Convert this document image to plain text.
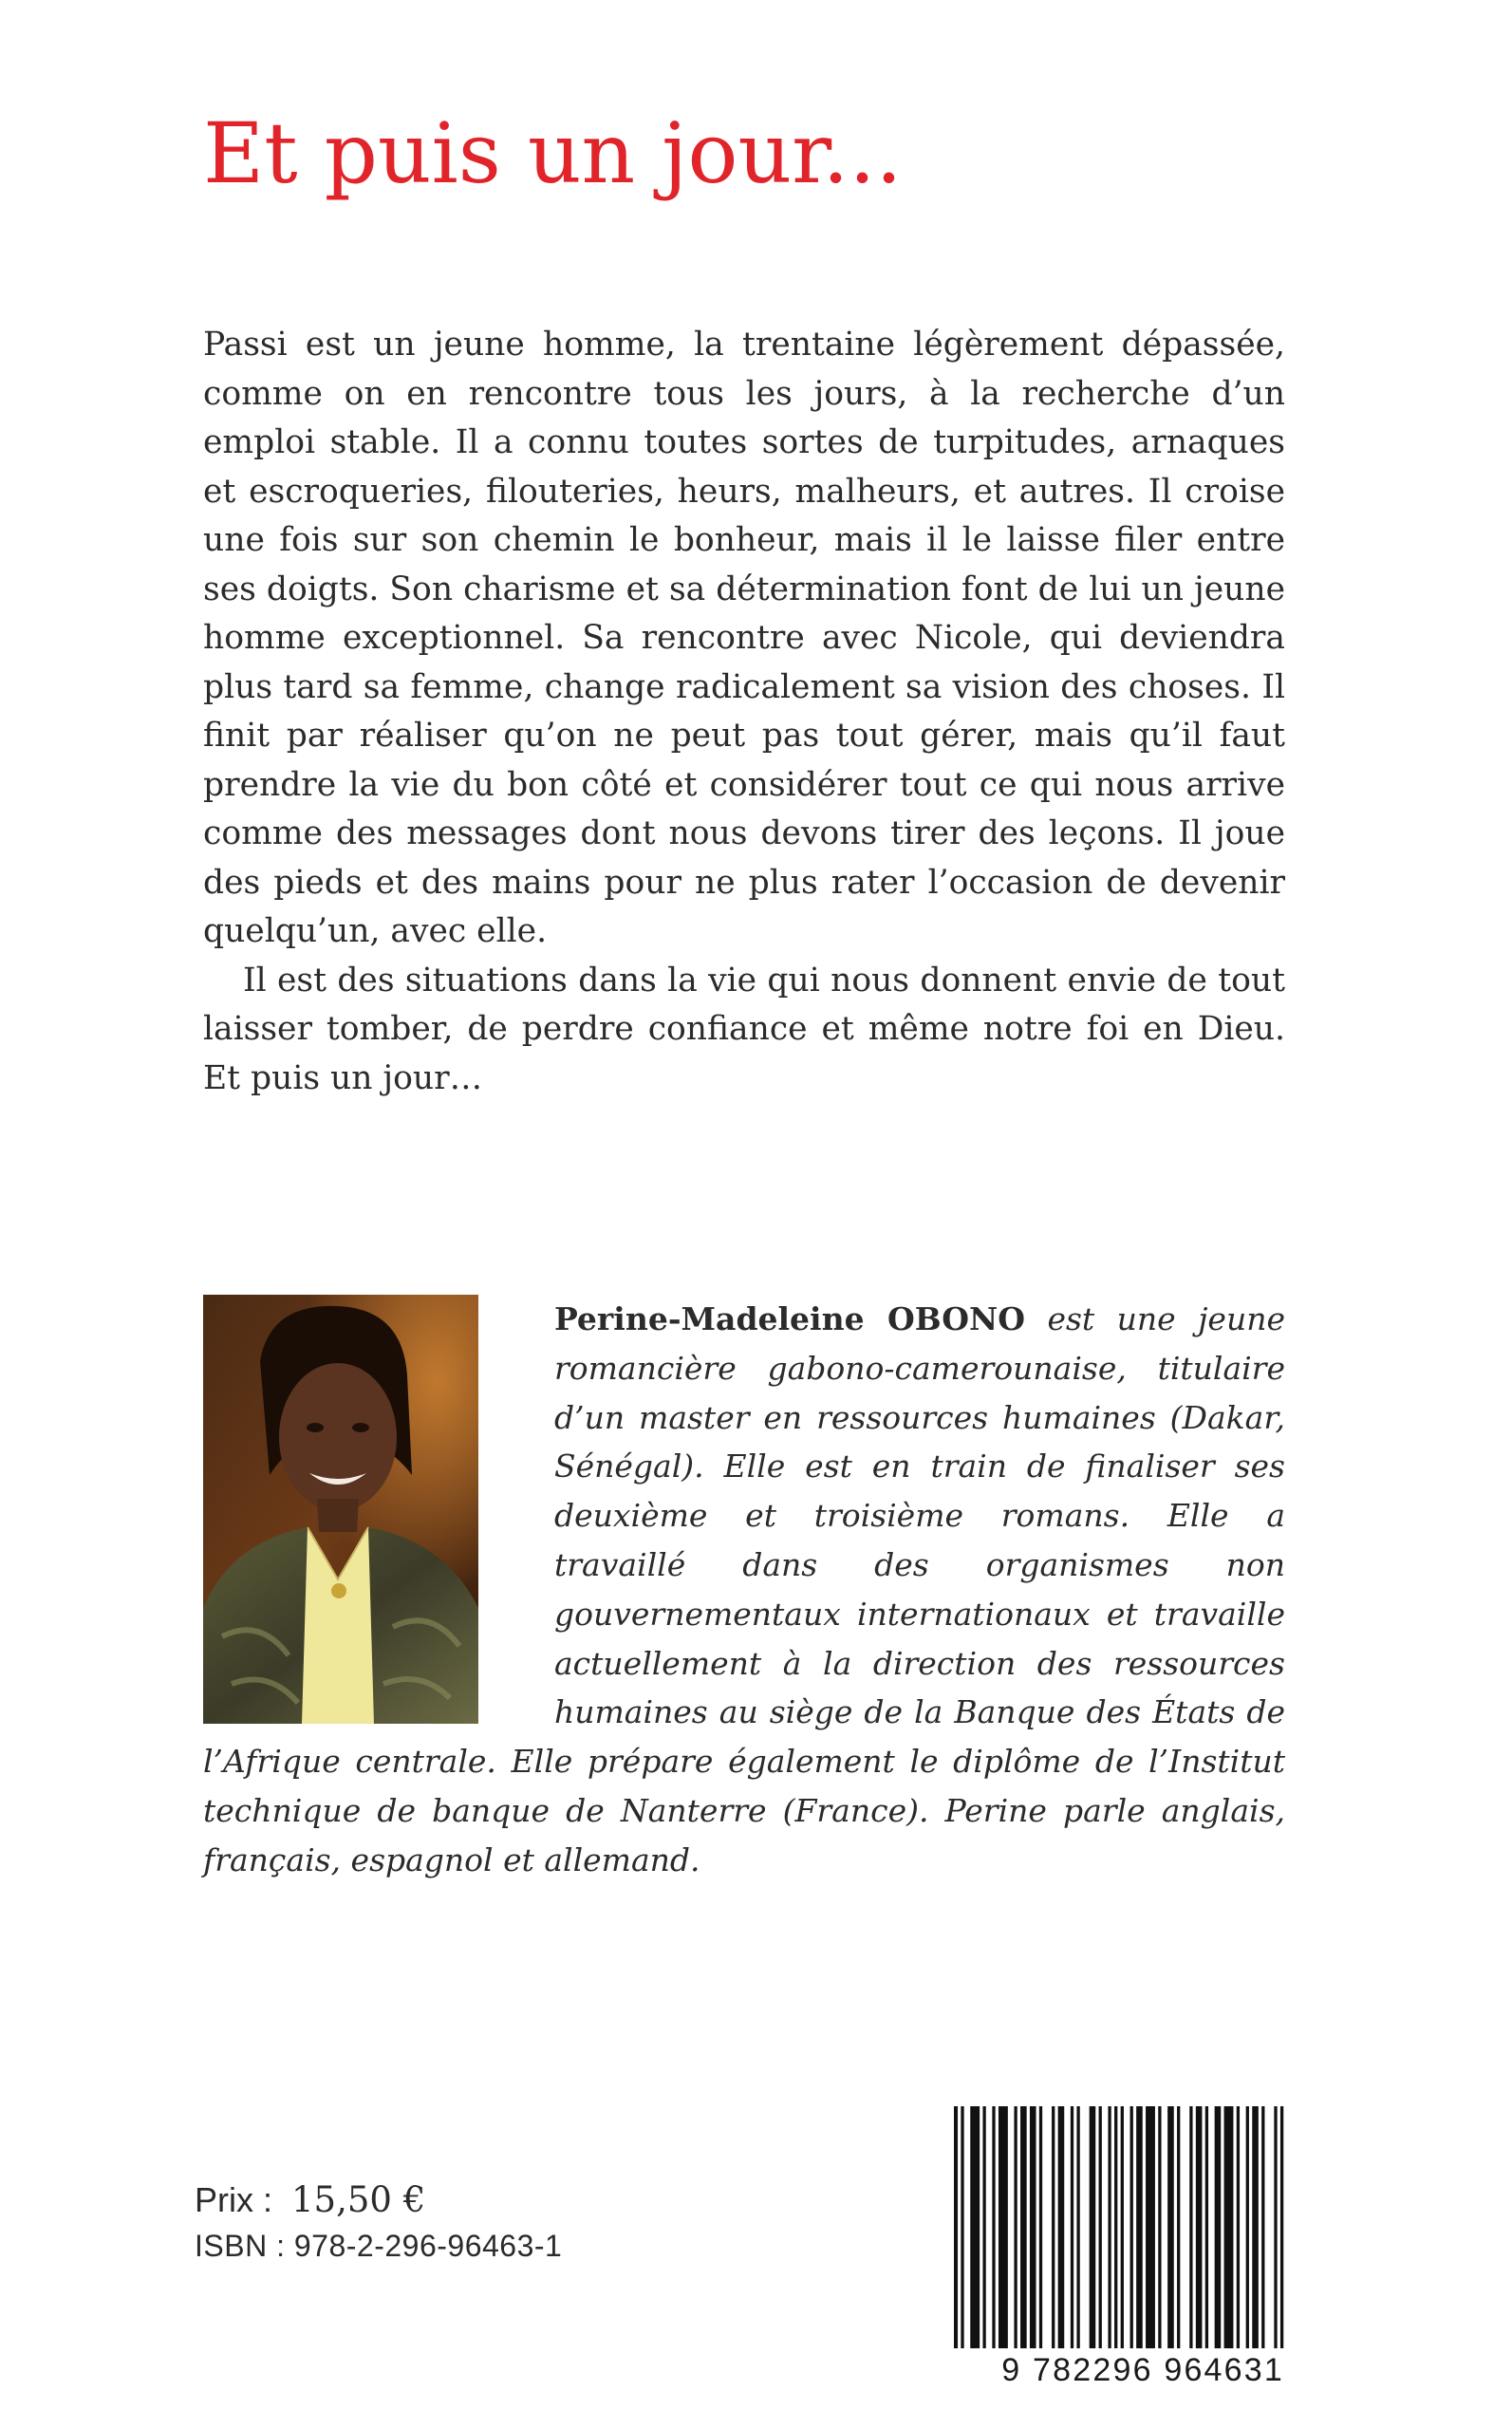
Et puis un jour...

Passi est un jeune homme, la trentaine légèrement dépassée, comme on en rencontre tous les jours, à la recherche d’un emploi stable. Il a connu toutes sortes de turpitudes, arnaques et escroqueries, filouteries, heurs, malheurs, et autres. Il croise une fois sur son chemin le bonheur, mais il le laisse filer entre ses doigts. Son charisme et sa détermination font de lui un jeune homme exceptionnel. Sa rencontre avec Nicole, qui deviendra plus tard sa femme, change radicalement sa vision des choses. Il finit par réaliser qu’on ne peut pas tout gérer, mais qu’il faut prendre la vie du bon côté et considérer tout ce qui nous arrive comme des messages dont nous devons tirer des leçons. Il joue des pieds et des mains pour ne plus rater l’occasion de devenir quelqu’un, avec elle.

Il est des situations dans la vie qui nous donnent envie de tout laisser tomber, de perdre confiance et même notre foi en Dieu. Et puis un jour…

Perine-Madeleine OBONO est une jeune romancière gabono-camerounaise, titulaire d’un master en ressources humaines (Dakar, Sénégal). Elle est en train de finaliser ses deuxième et troisième romans. Elle a travaillé dans des organismes non gouvernementaux internationaux et travaille actuellement à la direction des ressources humaines au siège de la Banque des États de l’Afrique centrale. Elle prépare également le diplôme de l’Institut technique de banque de Nanterre (France). Perine parle anglais, français, espagnol et allemand.

Prix : 15,50 €
ISBN : 978-2-296-96463-1
9 782296 964631
